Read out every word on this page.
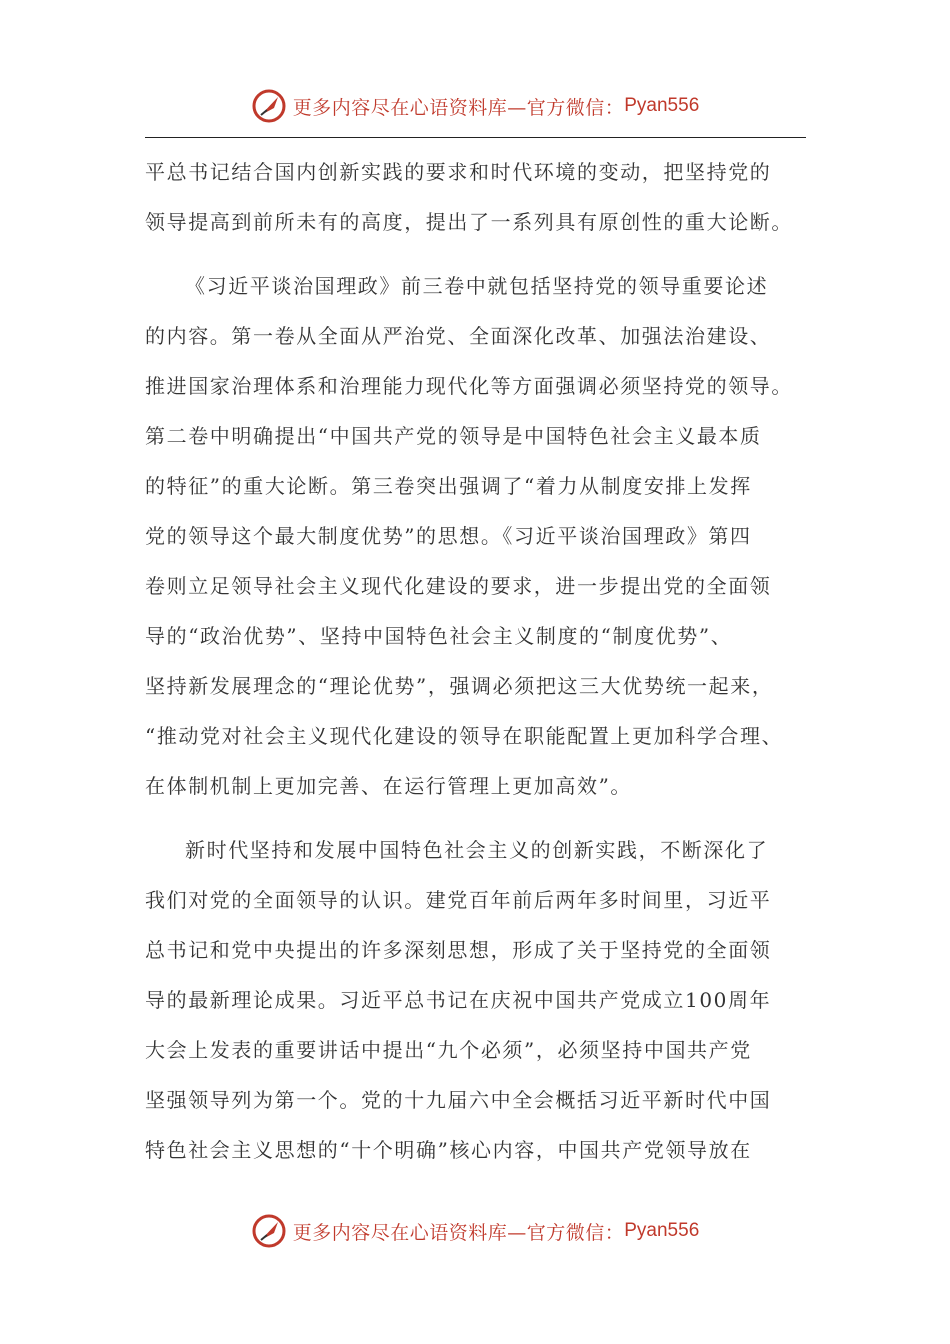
更多内容尽在心语资料库—官方微信： Pyan556

平总书记结合国内创新实践的要求和时代环境的变动，把坚持党的

领导提高到前所未有的高度，提出了一系列具有原创性的重大论断。

《习近平谈治国理政》前三卷中就包括坚持党的领导重要论述

的内容。第一卷从全面从严治党、全面深化改革、加强法治建设、

推进国家治理体系和治理能力现代化等方面强调必须坚持党的领导。

第二卷中明确提出“中国共产党的领导是中国特色社会主义最本质

的特征”的重大论断。第三卷突出强调了“着力从制度安排上发挥

党的领导这个最大制度优势”的思想。《习近平谈治国理政》第四

卷则立足领导社会主义现代化建设的要求，进一步提出党的全面领

导的“政治优势”、坚持中国特色社会主义制度的“制度优势”、

坚持新发展理念的“理论优势”，强调必须把这三大优势统一起来，

“推动党对社会主义现代化建设的领导在职能配置上更加科学合理、

在体制机制上更加完善、在运行管理上更加高效”。

新时代坚持和发展中国特色社会主义的创新实践，不断深化了

我们对党的全面领导的认识。建党百年前后两年多时间里，习近平

总书记和党中央提出的许多深刻思想，形成了关于坚持党的全面领

导的最新理论成果。习近平总书记在庆祝中国共产党成立100周年

大会上发表的重要讲话中提出“九个必须”，必须坚持中国共产党

坚强领导列为第一个。党的十九届六中全会概括习近平新时代中国

特色社会主义思想的“十个明确”核心内容，中国共产党领导放在

更多内容尽在心语资料库—官方微信： Pyan556
